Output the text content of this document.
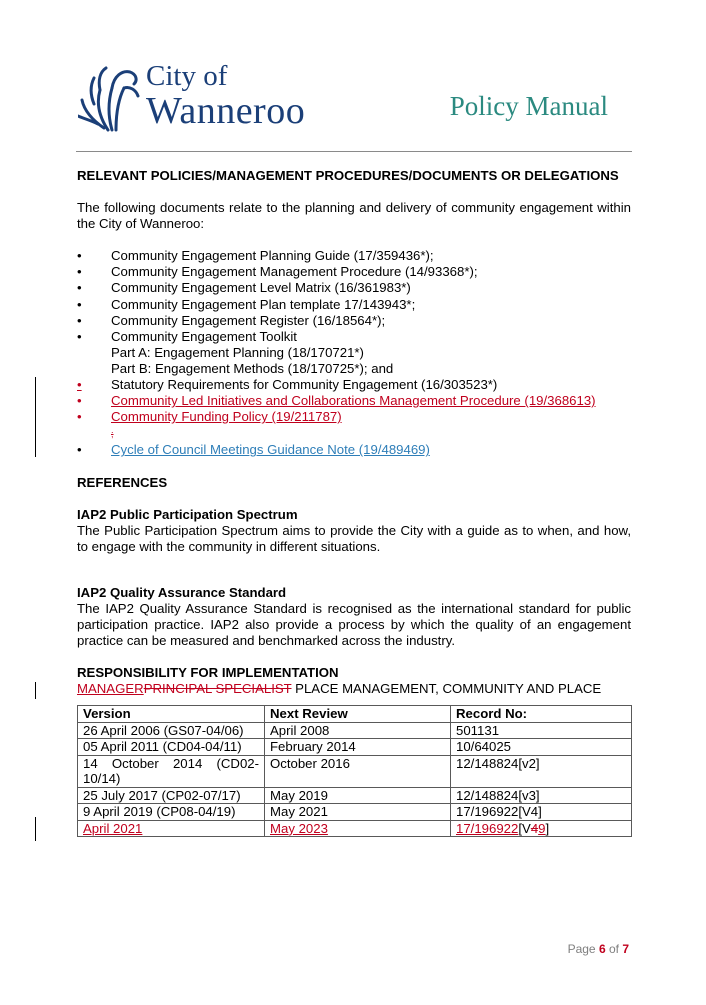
City of
Wanneroo	Policy Manual

RELEVANT POLICIES/MANAGEMENT PROCEDURES/DOCUMENTS OR DELEGATIONS

The following documents relate to the planning and delivery of community engagement within the City of Wanneroo:

•	Community Engagement Planning Guide (17/359436*);
•	Community Engagement Management Procedure (14/93368*);
•	Community Engagement Level Matrix (16/361983*)
•	Community Engagement Plan template 17/143943*;
•	Community Engagement Register (16/18564*);
•	Community Engagement Toolkit
Part A: Engagement Planning (18/170721*)
Part B: Engagement Methods (18/170725*); and
•	Statutory Requirements for Community Engagement (16/303523*)
•	Community Led Initiatives and Collaborations Management Procedure (19/368613)
•	Community Funding Policy (19/211787)
;
•	Cycle of Council Meetings Guidance Note (19/489469)

REFERENCES

IAP2 Public Participation Spectrum

The Public Participation Spectrum aims to provide the City with a guide as to when, and how, to engage with the community in different situations.

IAP2 Quality Assurance Standard

The IAP2 Quality Assurance Standard is recognised as the international standard for public participation practice. IAP2 also provide a process by which the quality of an engagement practice can be measured and benchmarked across the industry.

RESPONSIBILITY FOR IMPLEMENTATION

MANAGERPRINCIPAL SPECIALIST PLACE MANAGEMENT, COMMUNITY AND PLACE

Version	Next Review	Record No:
26 April 2006 (GS07-04/06)	April 2008	501131
05 April 2011 (CD04-04/11)	February 2014	10/64025
14 October 2014 (CD02-10/14)	October 2016	12/148824[v2]
25 July 2017 (CP02-07/17)	May 2019	12/148824[v3]
9 April 2019 (CP08-04/19)	May 2021	17/196922[V4]
April 2021	May 2023	17/196922[V49]
Page 6 of 7
